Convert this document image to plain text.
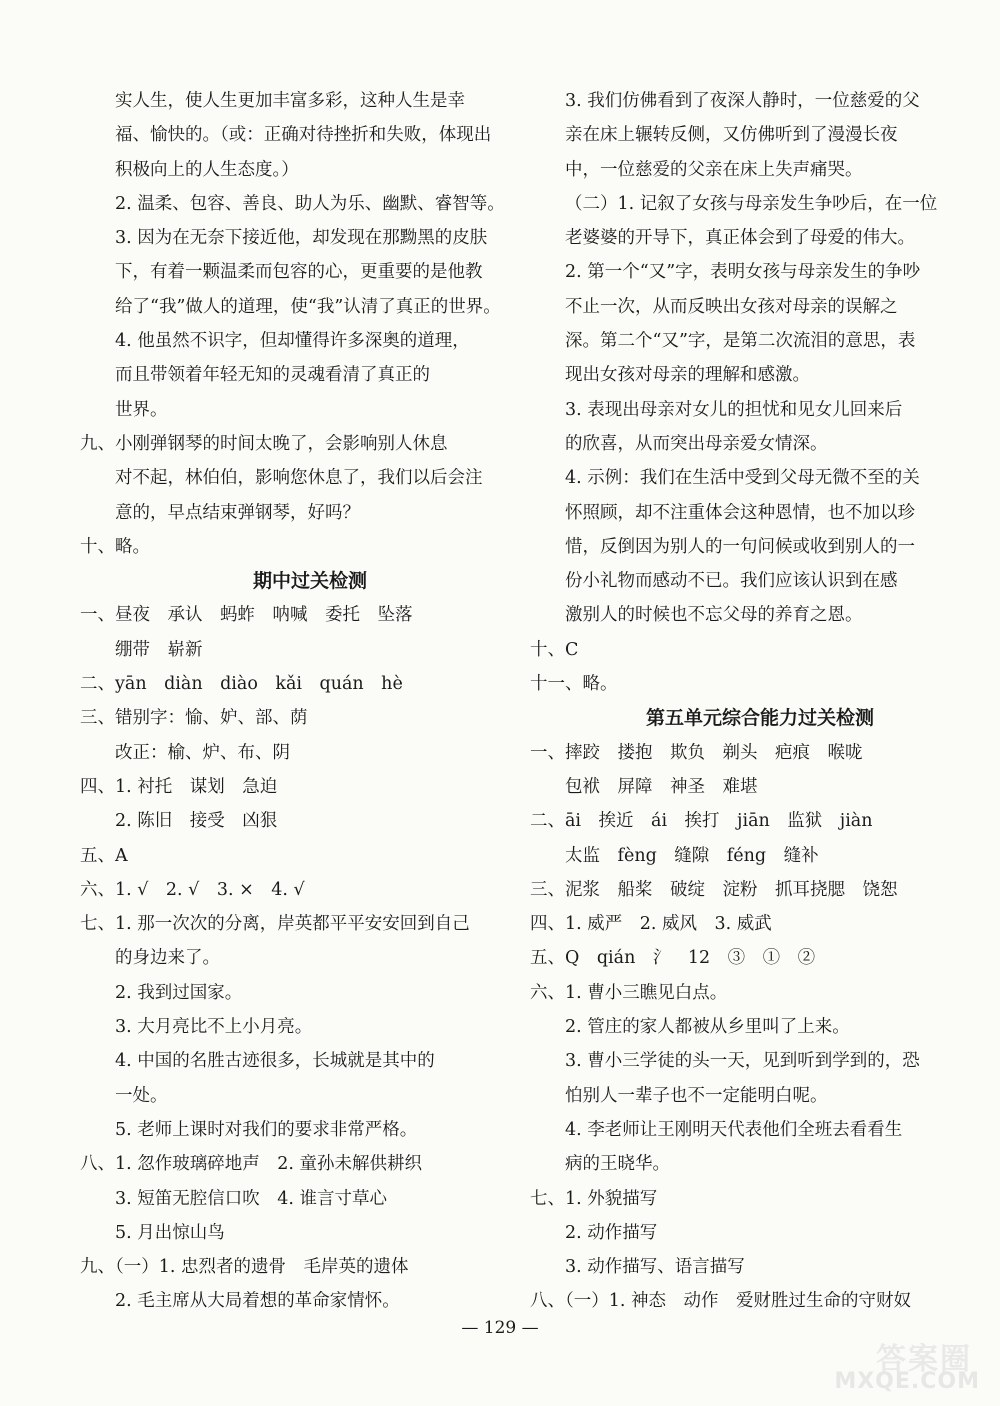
实人生，使人生更加丰富多彩，这种人生是幸
福、愉快的。（或：正确对待挫折和失败，体现出
积极向上的人生态度。）
2. 温柔、包容、善良、助人为乐、幽默、睿智等。
3. 因为在无奈下接近他，却发现在那黝黑的皮肤
下，有着一颗温柔而包容的心，更重要的是他教
给了“我”做人的道理，使“我”认清了真正的世界。
4. 他虽然不识字，但却懂得许多深奥的道理，
而且带领着年轻无知的灵魂看清了真正的
世界。
九、小刚弹钢琴的时间太晚了，会影响别人休息
对不起，林伯伯，影响您休息了，我们以后会注
意的，早点结束弹钢琴，好吗？
十、略。
期中过关检测
一、昼夜　承认　蚂蚱　呐喊　委托　坠落
绷带　崭新
二、yān　diàn　diào　kǎi　quán　hè
三、错别字：愉、妒、部、荫
改正：榆、炉、布、阴
四、1. 衬托　谋划　急迫
2. 陈旧　接受　凶狠
五、A
六、1. √　2. √　3. ×　4. √
七、1. 那一次次的分离，岸英都平平安安回到自己
的身边来了。
2. 我到过国家。
3. 大月亮比不上小月亮。
4. 中国的名胜古迹很多，长城就是其中的
一处。
5. 老师上课时对我们的要求非常严格。
八、1. 忽作玻璃碎地声　2. 童孙未解供耕织
3. 短笛无腔信口吹　4. 谁言寸草心
5. 月出惊山鸟
九、（一）1. 忠烈者的遗骨　毛岸英的遗体
2. 毛主席从大局着想的革命家情怀。
3. 我们仿佛看到了夜深人静时，一位慈爱的父
亲在床上辗转反侧，又仿佛听到了漫漫长夜
中，一位慈爱的父亲在床上失声痛哭。
（二）1. 记叙了女孩与母亲发生争吵后，在一位
老婆婆的开导下，真正体会到了母爱的伟大。
2. 第一个“又”字，表明女孩与母亲发生的争吵
不止一次，从而反映出女孩对母亲的误解之
深。第二个“又”字，是第二次流泪的意思，表
现出女孩对母亲的理解和感激。
3. 表现出母亲对女儿的担忧和见女儿回来后
的欣喜，从而突出母亲爱女情深。
4. 示例：我们在生活中受到父母无微不至的关
怀照顾，却不注重体会这种恩情，也不加以珍
惜，反倒因为别人的一句问候或收到别人的一
份小礼物而感动不已。我们应该认识到在感
激别人的时候也不忘父母的养育之恩。
十、C
十一、略。
第五单元综合能力过关检测
一、摔跤　搂抱　欺负　剃头　疤痕　喉咙
包袱　屏障　神圣　难堪
二、āi　挨近　ái　挨打　jiān　监狱　jiàn
太监　fèng　缝隙　féng　缝补
三、泥浆　船桨　破绽　淀粉　抓耳挠腮　饶恕
四、1. 威严　2. 威风　3. 威武
五、Q　qián　氵　12　③　①　②
六、1. 曹小三瞧见白点。
2. 管庄的家人都被从乡里叫了上来。
3. 曹小三学徒的头一天，见到听到学到的，恐
怕别人一辈子也不一定能明白呢。
4. 李老师让王刚明天代表他们全班去看看生
病的王晓华。
七、1. 外貌描写
2. 动作描写
3. 动作描写、语言描写
八、（一）1. 神态　动作　爱财胜过生命的守财奴
— 129 —
答案圈
MXQE.COM
